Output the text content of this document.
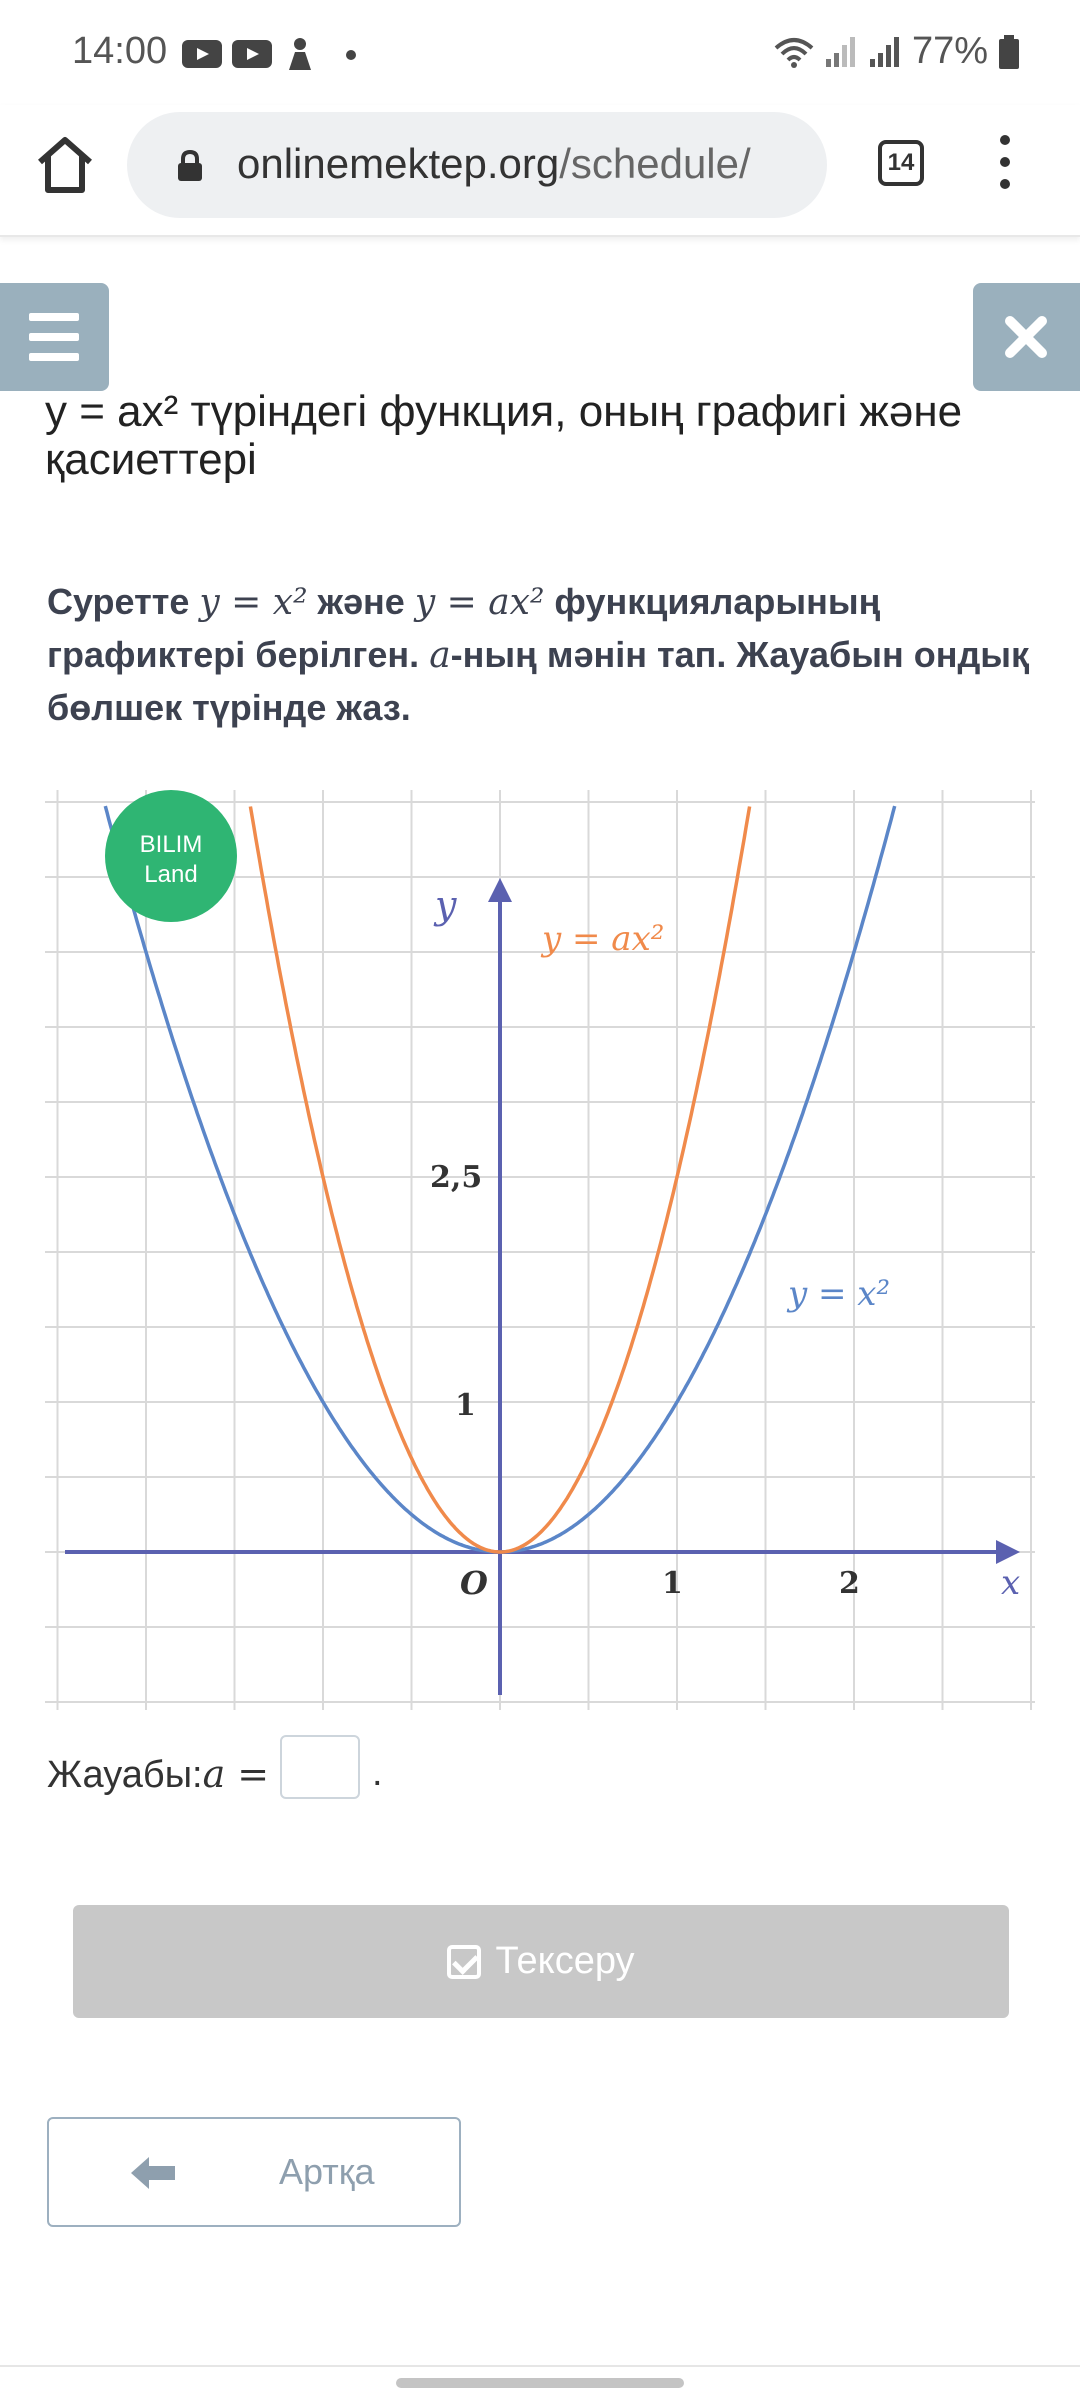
14:00	77%
onlinemektep.org/schedule/	14
y = ax² түріндегі функция, оның графигі және қасиеттері
Суретте y = x² және y = ax² функцияларының графиктері берілген. a-ның мәнін тап. Жауабын ондық бөлшек түрінде жаз.
y
x
O
2,5
1
1	2
y = ax²
y = x²
BILIM
Land
Жауабы:a =	.
Тексеру
Артқа
